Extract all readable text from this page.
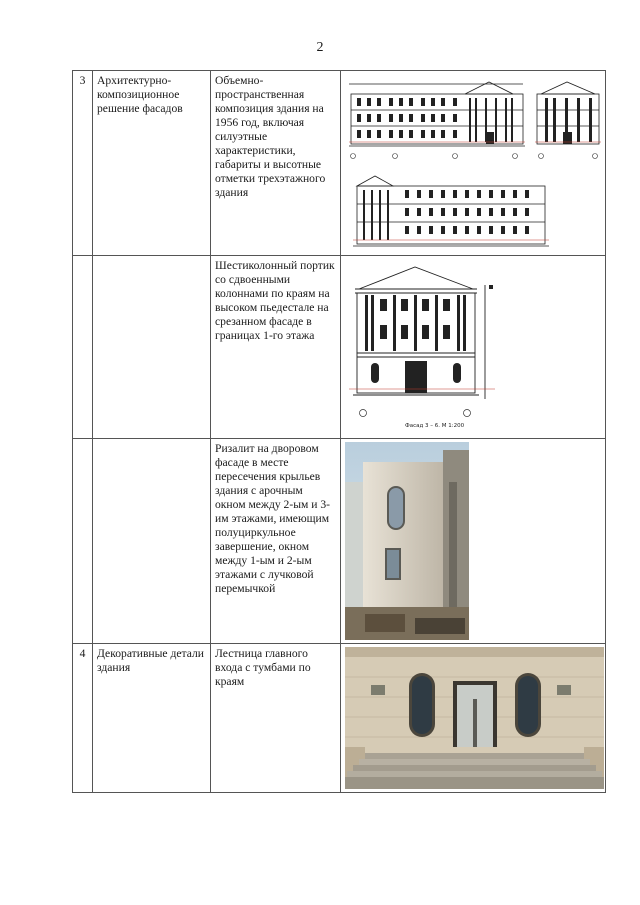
2
3	Архитектурно-композиционное решение фасадов	Объемно-пространственная композиция здания на 1956 год, включая силуэтные характеристики, габариты и высотные отметки трехэтажного здания	

		Шестиколонный портик со сдвоенными колоннами по краям на высоком пьедестале на срезанном фасаде в границах 1-го этажа	Фасад 3 – 6. М 1:200

		Ризалит на дворовом фасаде в месте пересечения крыльев здания с арочным окном между 2-ым и 3-им этажами, имеющим полуциркульное завершение, окном между 1-ым и 2-ым этажами с лучковой перемычкой	

4	Декоративные детали здания	Лестница главного входа с тумбами по краям	
